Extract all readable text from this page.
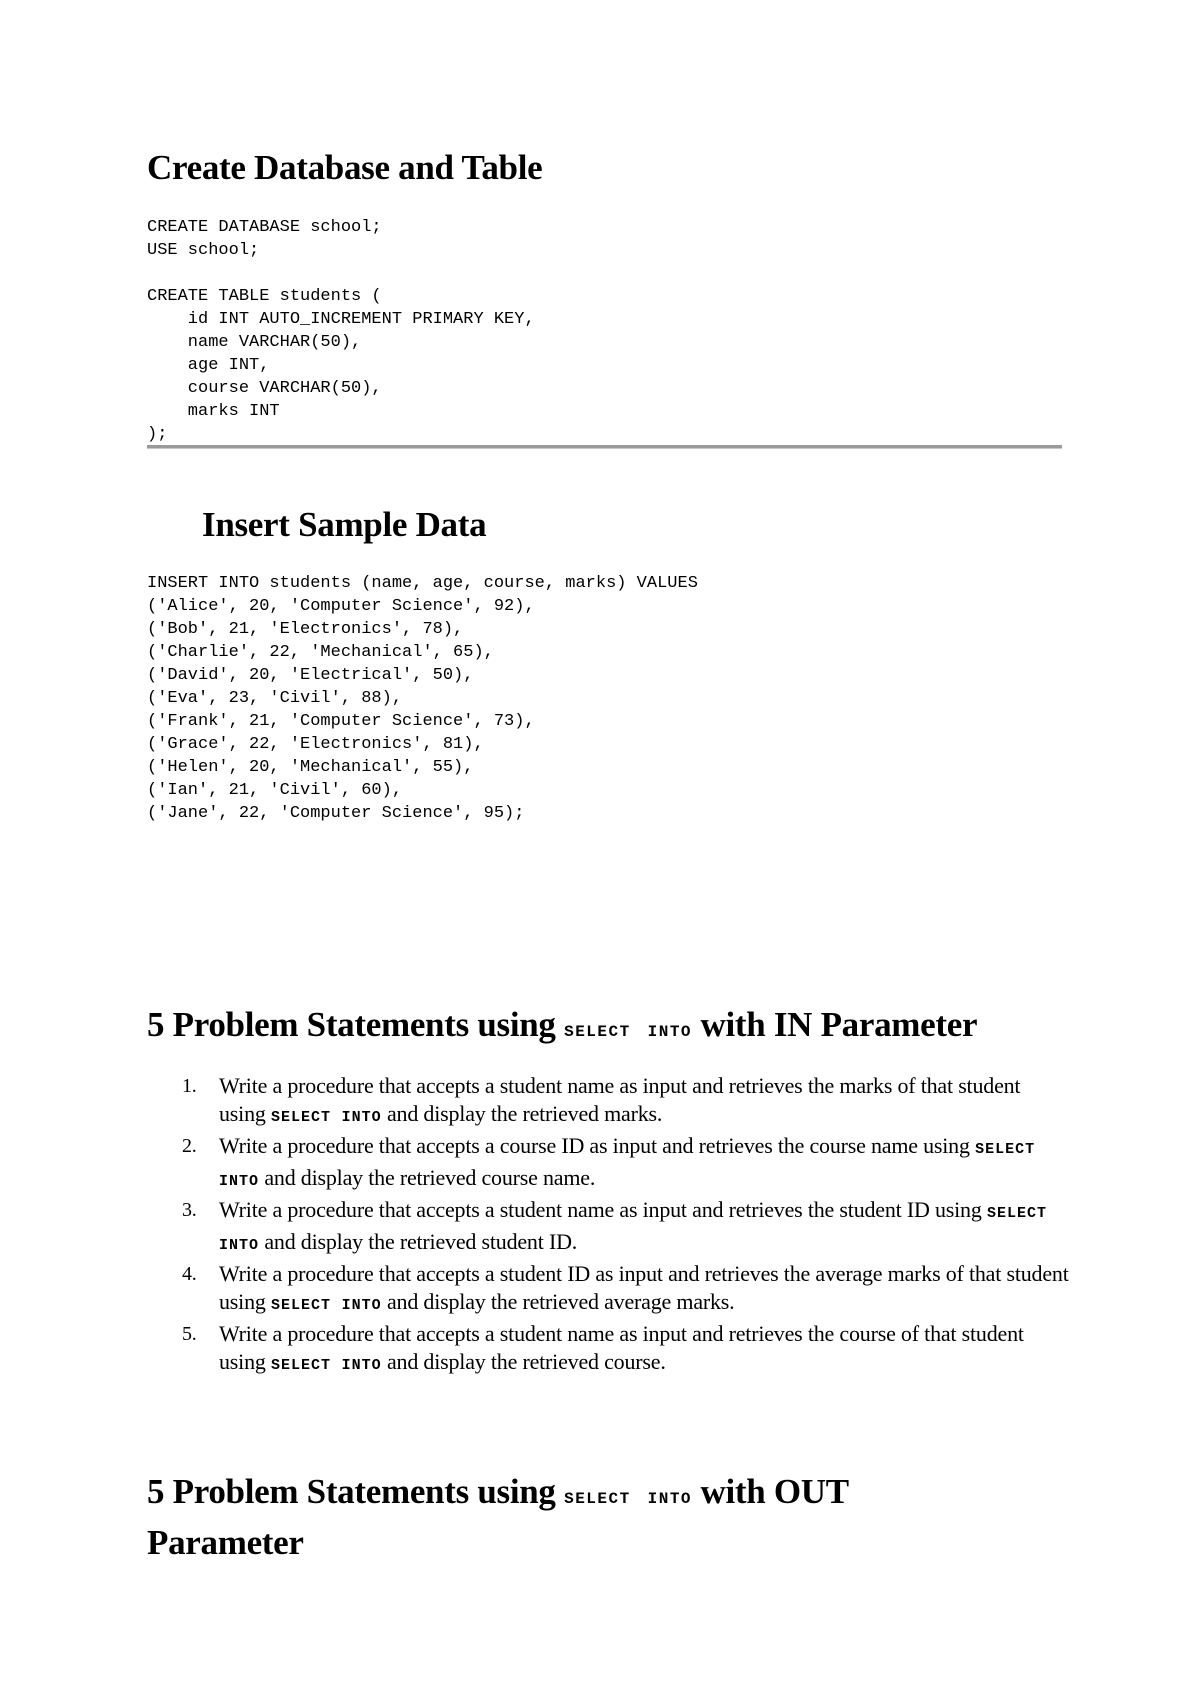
Create Database and Table
CREATE DATABASE school;
USE school;

CREATE TABLE students (
id INT AUTO_INCREMENT PRIMARY KEY,
name VARCHAR(50),
age INT,
course VARCHAR(50),
marks INT
);
Insert Sample Data
INSERT INTO students (name, age, course, marks) VALUES
('Alice', 20, 'Computer Science', 92),
('Bob', 21, 'Electronics', 78),
('Charlie', 22, 'Mechanical', 65),
('David', 20, 'Electrical', 50),
('Eva', 23, 'Civil', 88),
('Frank', 21, 'Computer Science', 73),
('Grace', 22, 'Electronics', 81),
('Helen', 20, 'Mechanical', 55),
('Ian', 21, 'Civil', 60),
('Jane', 22, 'Computer Science', 95);
5 Problem Statements using SELECT INTO with IN Parameter
1. Write a procedure that accepts a student name as input and retrieves the marks of that student using SELECT INTO and display the retrieved marks.
2. Write a procedure that accepts a course ID as input and retrieves the course name using SELECT  INTO and display the retrieved course name.
3. Write a procedure that accepts a student name as input and retrieves the student ID using SELECT  INTO and display the retrieved student ID.
4. Write a procedure that accepts a student ID as input and retrieves the average marks of that student using SELECT INTO and display the retrieved average marks.
5. Write a procedure that accepts a student name as input and retrieves the course of that student using SELECT INTO and display the retrieved course.
5 Problem Statements using SELECT INTO with OUT
Parameter
